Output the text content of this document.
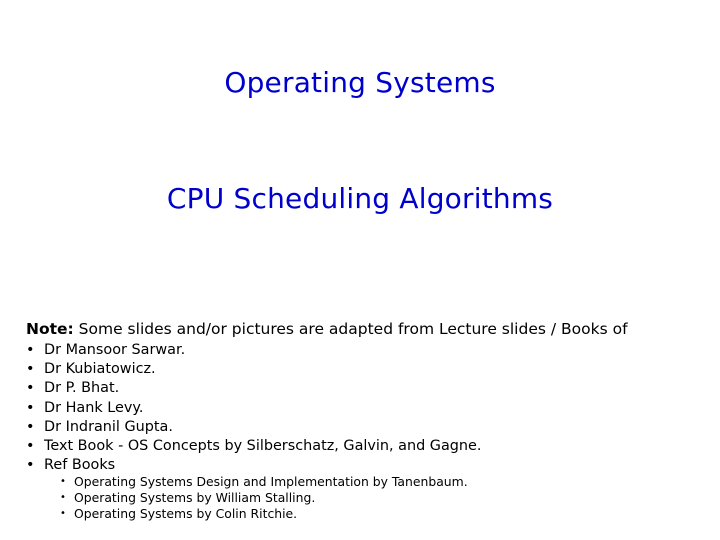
Operating Systems
CPU Scheduling Algorithms
Note: Some slides and/or pictures are adapted from Lecture slides / Books of
• Dr Mansoor Sarwar.
• Dr Kubiatowicz.
• Dr P. Bhat.
• Dr Hank Levy.
• Dr Indranil Gupta.
• Text Book - OS Concepts by Silberschatz, Galvin, and Gagne.
• Ref Books
• Operating Systems Design and Implementation by Tanenbaum.
• Operating Systems by William Stalling.
• Operating Systems by Colin Ritchie.
